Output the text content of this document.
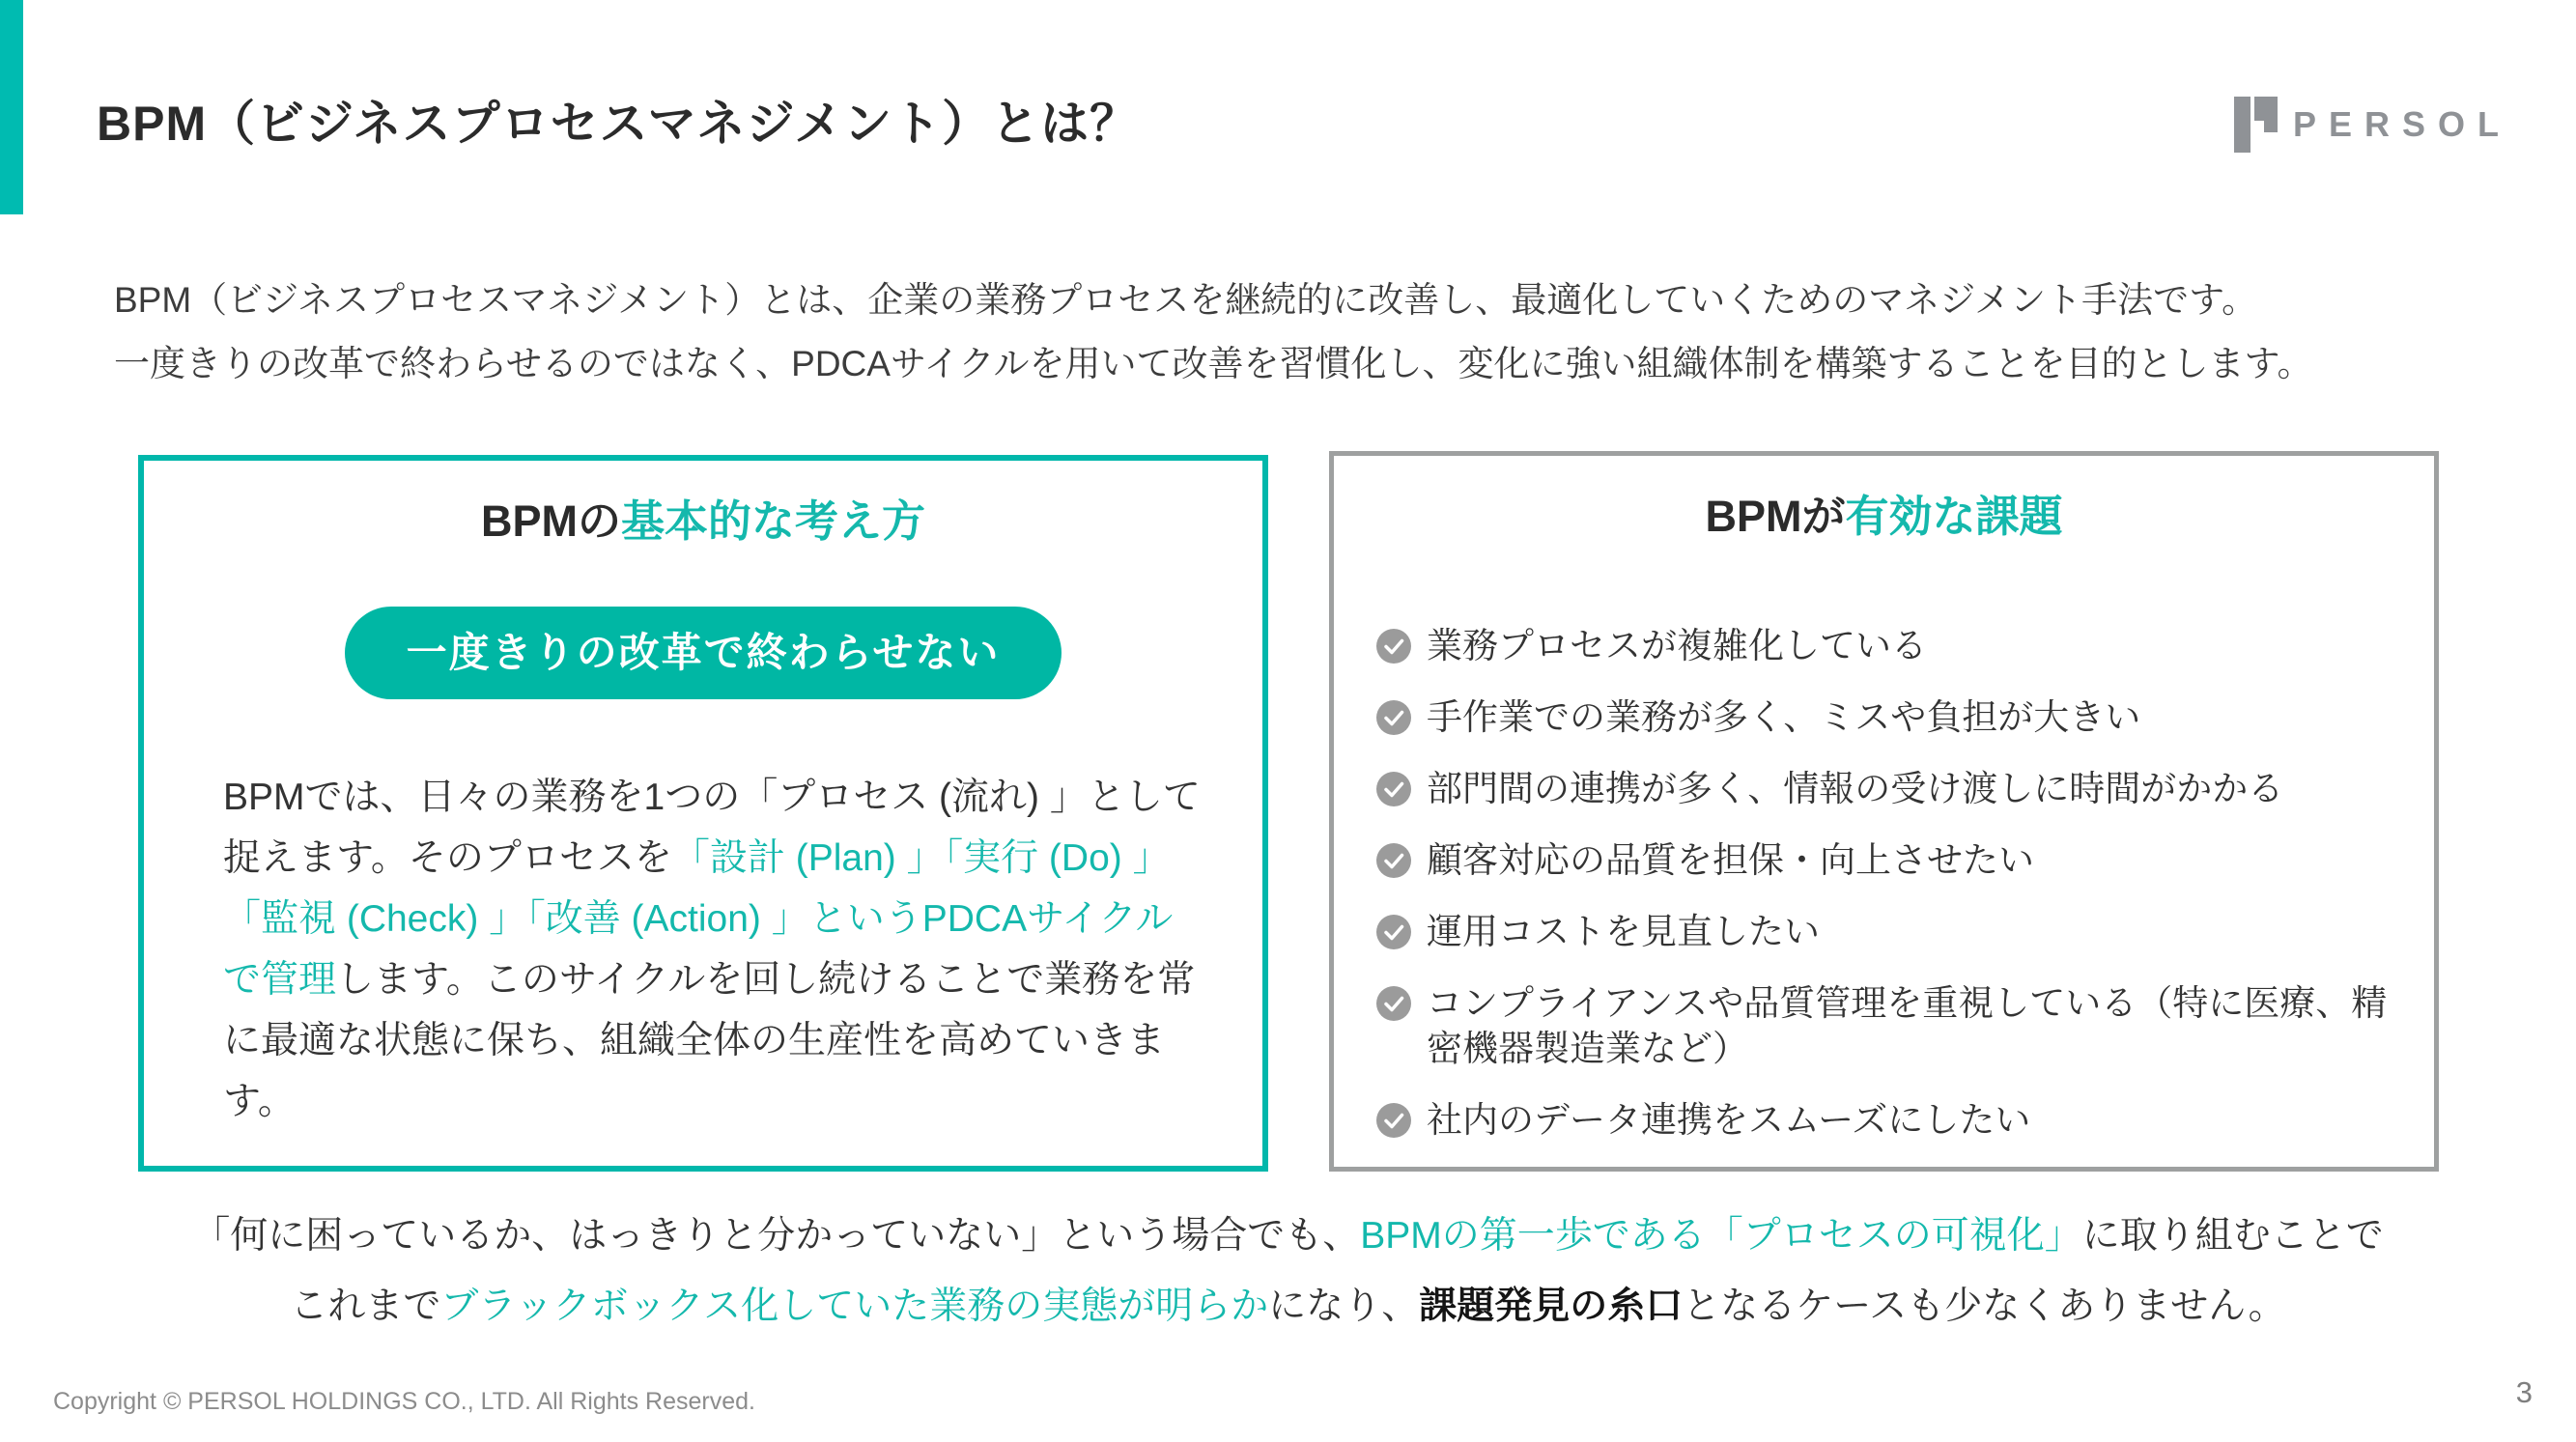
BPM（ビジネスプロセスマネジメント）とは？	PERSOL

BPM（ビジネスプロセスマネジメント）とは、企業の業務プロセスを継続的に改善し、最適化していくためのマネジメント手法です。
一度きりの改革で終わらせるのではなく、PDCAサイクルを用いて改善を習慣化し、変化に強い組織体制を構築することを目的とします。

BPMの基本的な考え方
一度きりの改革で終わらせない

BPMでは、日々の業務を1つの「プロセス (流れ) 」として捉えます。そのプロセスを「設計 (Plan) 」「実行 (Do) 」「監視 (Check) 」「改善 (Action) 」というPDCAサイクルで管理します。このサイクルを回し続けることで業務を常に最適な状態に保ち、組織全体の生産性を高めていきます。

BPMが有効な課題
業務プロセスが複雑化している
手作業での業務が多く、ミスや負担が大きい
部門間の連携が多く、情報の受け渡しに時間がかかる
顧客対応の品質を担保・向上させたい
運用コストを見直したい
コンプライアンスや品質管理を重視している（特に医療、精密機器製造業など）
社内のデータ連携をスムーズにしたい

「何に困っているか、はっきりと分かっていない」という場合でも、BPMの第一歩である「プロセスの可視化」に取り組むことで
これまでブラックボックス化していた業務の実態が明らかになり、課題発見の糸口となるケースも少なくありません。

Copyright © PERSOL HOLDINGS CO., LTD. All Rights Reserved.	3
